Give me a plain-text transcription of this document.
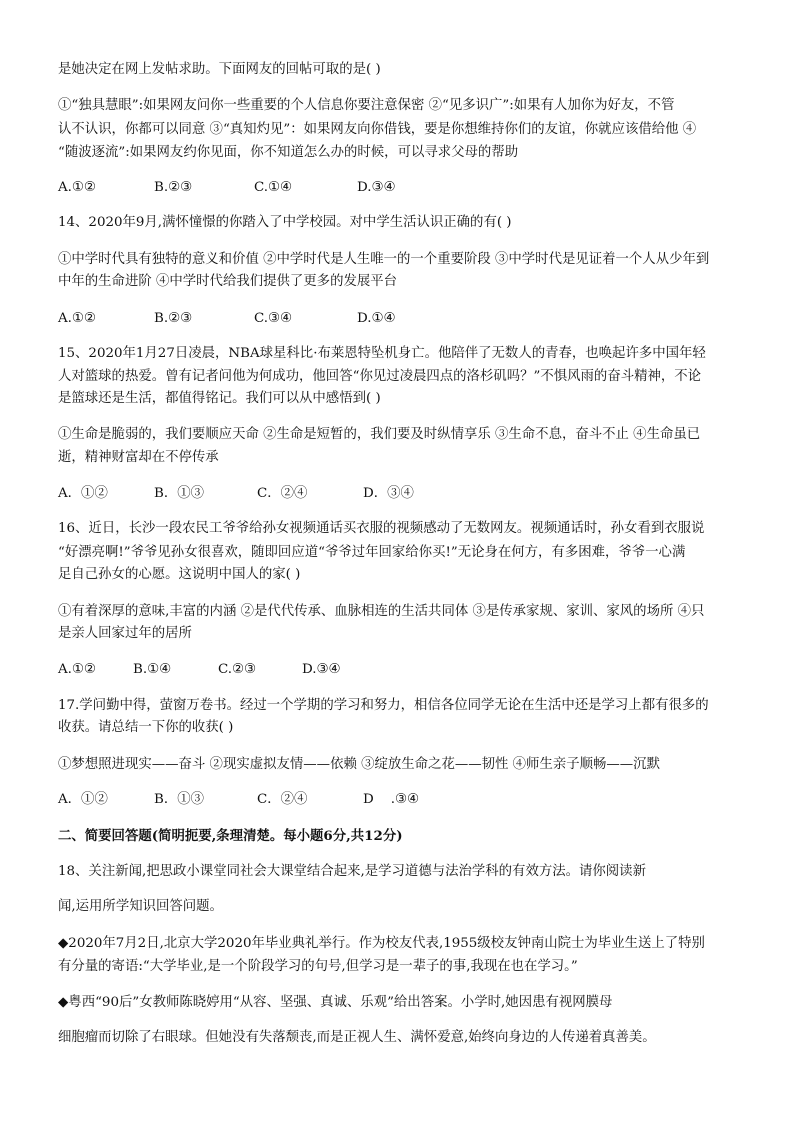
是她决定在网上发帖求助。下面网友的回帖可取的是( )
①“独具慧眼”:如果网友问你一些重要的个人信息你要注意保密 ②“见多识广”:如果有人加你为好友，不管
认不认识，你都可以同意 ③“真知灼见”：如果网友向你借钱，要是你想维持你们的友谊，你就应该借给他 ④
“随波逐流”:如果网友约你见面，你不知道怎么办的时候，可以寻求父母的帮助
A.①②	B.②③	C.①④	D.③④
14、2020年9月,满怀憧憬的你踏入了中学校园。对中学生活认识正确的有( )
①中学时代具有独特的意义和价值 ②中学时代是人生唯一的一个重要阶段 ③中学时代是见证着一个人从少年到
中年的生命进阶 ④中学时代给我们提供了更多的发展平台
A.①②	B.②③	C.③④	D.①④
15、2020年1月27日凌晨，NBA球星科比·布莱恩特坠机身亡。他陪伴了无数人的青春，也唤起许多中国年轻
人对篮球的热爱。曾有记者问他为何成功，他回答“你见过凌晨四点的洛杉矶吗？”不惧风雨的奋斗精神，不论
是篮球还是生活，都值得铭记。我们可以从中感悟到( )
①生命是脆弱的，我们要顺应天命 ②生命是短暂的，我们要及时纵情享乐 ③生命不息，奋斗不止 ④生命虽已
逝，精神财富却在不停传承
A．①②	B．①③	C．②④	D．③④
16、近日，长沙一段农民工爷爷给孙女视频通话买衣服的视频感动了无数网友。视频通话时，孙女看到衣服说
“好漂亮啊!”爷爷见孙女很喜欢，随即回应道“爷爷过年回家给你买!”无论身在何方，有多困难，爷爷一心满
足自己孙女的心愿。这说明中国人的家( )
①有着深厚的意味,丰富的内涵 ②是代代传承、血脉相连的生活共同体 ③是传承家规、家训、家风的场所 ④只
是亲人回家过年的居所
A.①②	B.①④	C.②③	D.③④
17.学问勤中得，萤窗万卷书。经过一个学期的学习和努力，相信各位同学无论在生活中还是学习上都有很多的
收获。请总结一下你的收获( )
①梦想照进现实——奋斗 ②现实虚拟友情——依赖 ③绽放生命之花——韧性 ④师生亲子顺畅——沉默
A．①②	B．①③	C．②④	D    .③④
二、简要回答题(简明扼要,条理清楚。每小题6分,共12分)
18、关注新闻,把思政小课堂同社会大课堂结合起来,是学习道德与法治学科的有效方法。请你阅读新
闻,运用所学知识回答问题。
◆2020年7月2日,北京大学2020年毕业典礼举行。作为校友代表,1955级校友钟南山院士为毕业生送上了特别
有分量的寄语:“大学毕业,是一个阶段学习的句号,但学习是一辈子的事,我现在也在学习。”
◆粤西“90后”女教师陈晓婷用“从容、坚强、真诚、乐观”给出答案。小学时,她因患有视网膜母
细胞瘤而切除了右眼球。但她没有失落颓丧,而是正视人生、满怀爱意,始终向身边的人传递着真善美。
